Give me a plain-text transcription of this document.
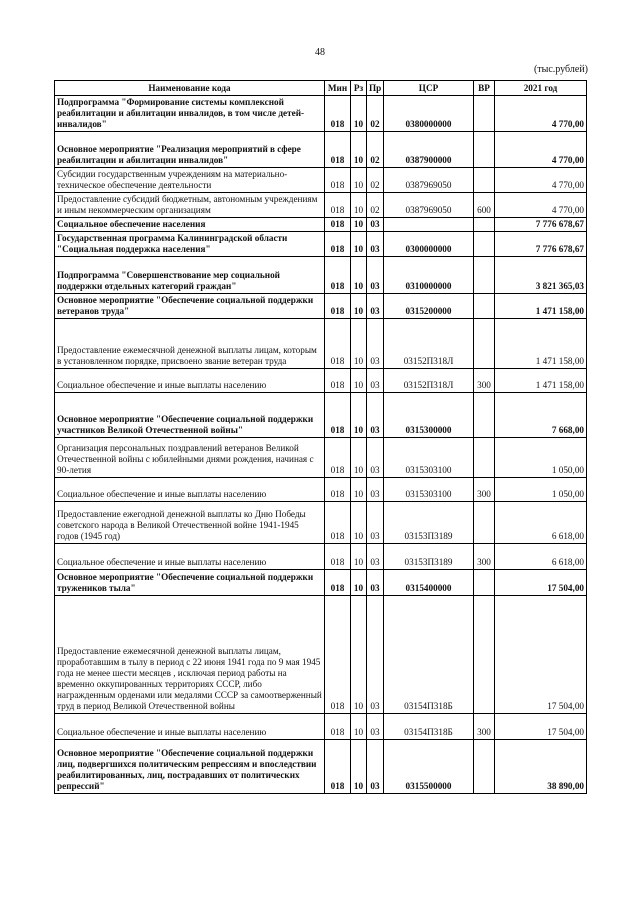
48
(тыс.рублей)
Наименование кода	Мин	Рз	Пр	ЦСР	ВР	2021 год
Подпрограмма "Формирование системы комплексной реабилитации и абилитации инвалидов, в том числе детей-инвалидов"	018	10	02	0380000000		4 770,00
Основное мероприятие "Реализация мероприятий в сфере реабилитации и абилитации инвалидов"	018	10	02	0387900000		4 770,00
Субсидии государственным учреждениям на материально-техническое обеспечение деятельности	018	10	02	0387969050		4 770,00
Предоставление субсидий бюджетным, автономным учреждениям и иным некоммерческим организациям	018	10	02	0387969050	600	4 770,00
Социальное обеспечение населения	018	10	03			7 776 678,67
Государственная программа Калининградской области "Социальная поддержка населения"	018	10	03	0300000000		7 776 678,67
Подпрограмма "Совершенствование мер социальной поддержки отдельных категорий граждан"	018	10	03	0310000000		3 821 365,03
Основное мероприятие "Обеспечение социальной поддержки ветеранов труда"	018	10	03	0315200000		1 471 158,00
Предоставление ежемесячной денежной выплаты лицам, которым в установленном порядке, присвоено звание ветеран труда	018	10	03	03152П318Л		1 471 158,00
Социальное обеспечение и иные выплаты населению	018	10	03	03152П318Л	300	1 471 158,00
Основное мероприятие "Обеспечение социальной поддержки участников Великой Отечественной войны"	018	10	03	0315300000		7 668,00
Организация персональных поздравлений ветеранов Великой Отечественной войны с юбилейными днями рождения, начиная с 90-летия	018	10	03	0315303100		1 050,00
Социальное обеспечение и иные выплаты населению	018	10	03	0315303100	300	1 050,00
Предоставление ежегодной денежной выплаты ко Дню Победы советского народа в Великой Отечественной войне 1941-1945 годов (1945 год)	018	10	03	03153П3189		6 618,00
Социальное обеспечение и иные выплаты населению	018	10	03	03153П3189	300	6 618,00
Основное мероприятие "Обеспечение социальной поддержки тружеников тыла"	018	10	03	0315400000		17 504,00
Предоставление ежемесячной денежной выплаты лицам, проработавшим в тылу в период с 22 июня 1941 года по 9 мая 1945 года не менее шести месяцев , исключая период работы на временно оккупированных территориях СССР, либо награжденным орденами или медалями СССР за самоотверженный труд в период Великой Отечественной войны	018	10	03	03154П318Б		17 504,00
Социальное обеспечение и иные выплаты населению	018	10	03	03154П318Б	300	17 504,00
Основное мероприятие "Обеспечение социальной поддержки лиц, подвергшихся политическим репрессиям и впоследствии реабилитированных, лиц, пострадавших от политических репрессий"	018	10	03	0315500000		38 890,00
